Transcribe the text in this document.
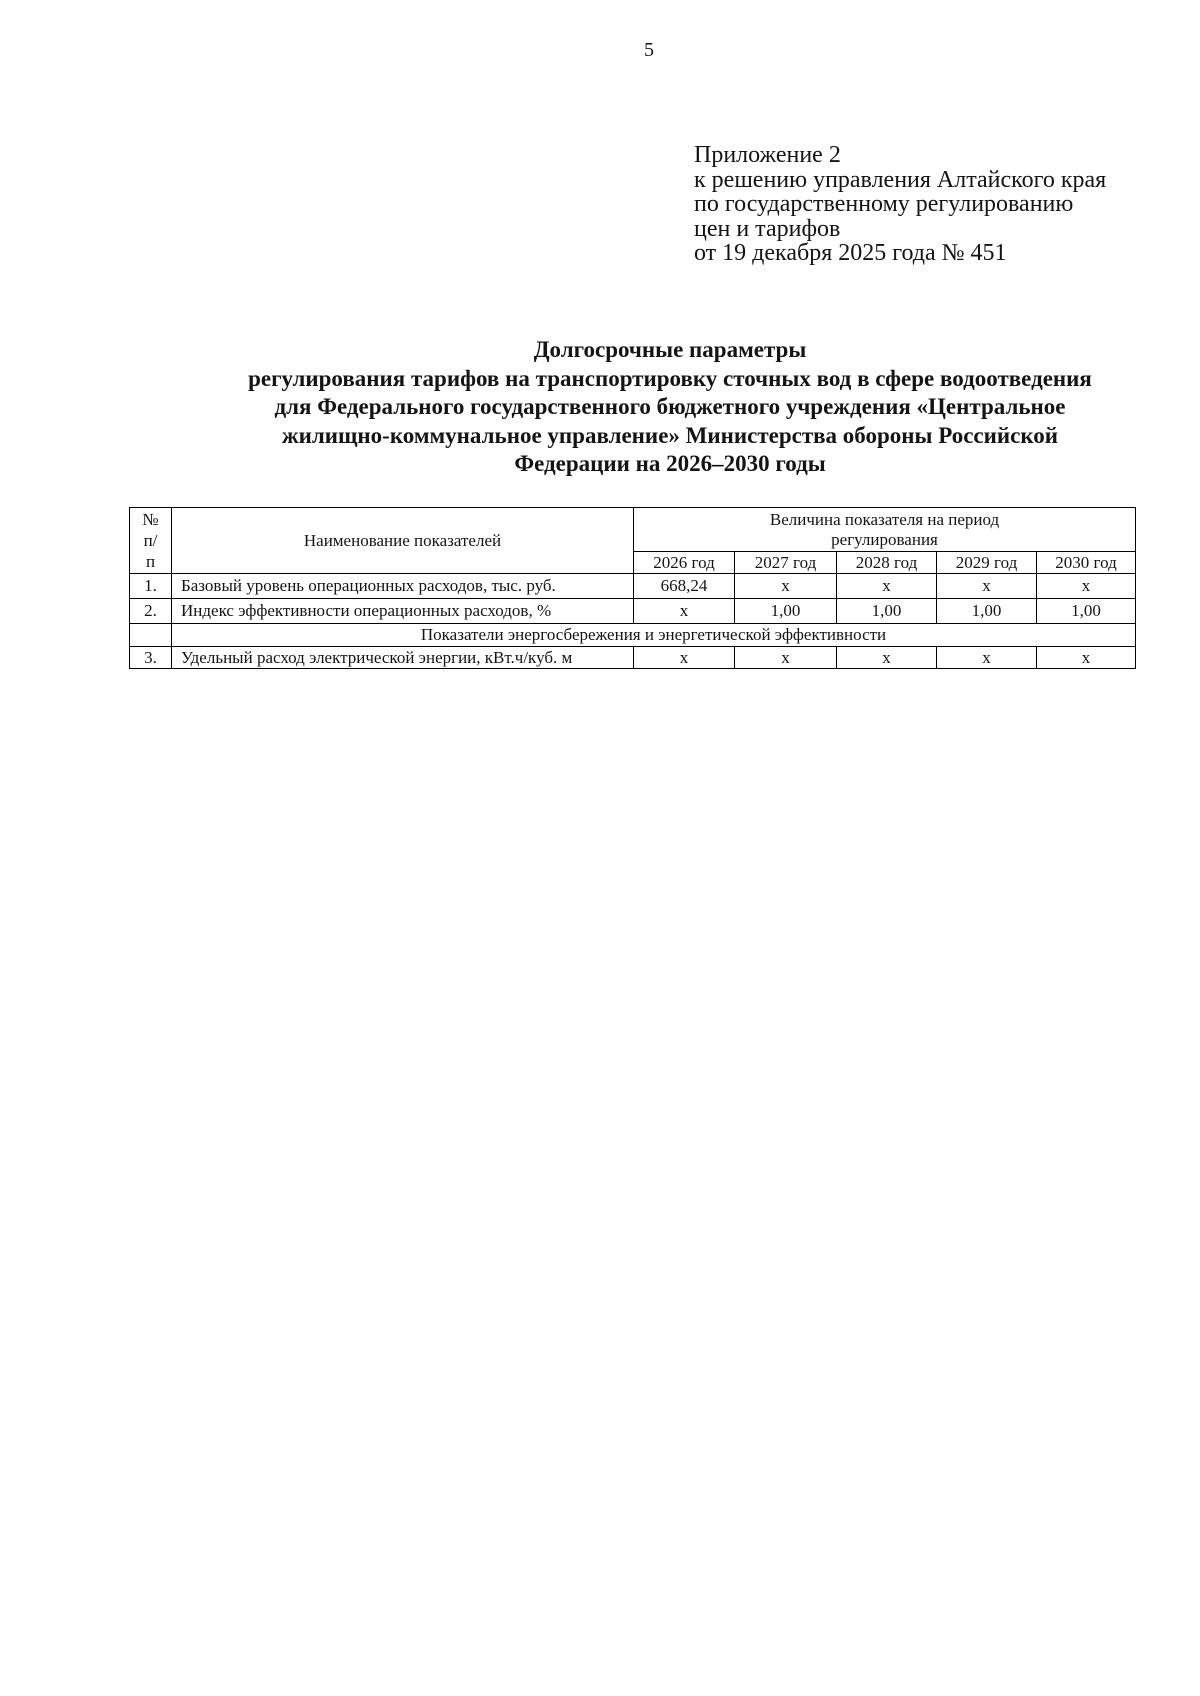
5
Приложение 2
к решению управления Алтайского края
по государственному регулированию
цен и тарифов
от 19 декабря 2025 года № 451
Долгосрочные параметры
регулирования тарифов на транспортировку сточных вод в сфере водоотведения
для Федерального государственного бюджетного учреждения «Центральное
жилищно-коммунальное управление» Министерства обороны Российской
Федерации на 2026–2030 годы
№
п/
п	Наименование показателей	Величина показателя на период
регулирования				

		2026 год	2027 год	2028 год	2029 год	2030 год
1.	Базовый уровень операционных расходов, тыс. руб.	668,24	х	х	х	х
2.	Индекс эффективности операционных расходов, %	х	1,00	1,00	1,00	1,00
	Показатели энергосбережения и энергетической эффективности					
3.	Удельный расход электрической энергии, кВт.ч/куб. м	х	х	х	х	х
